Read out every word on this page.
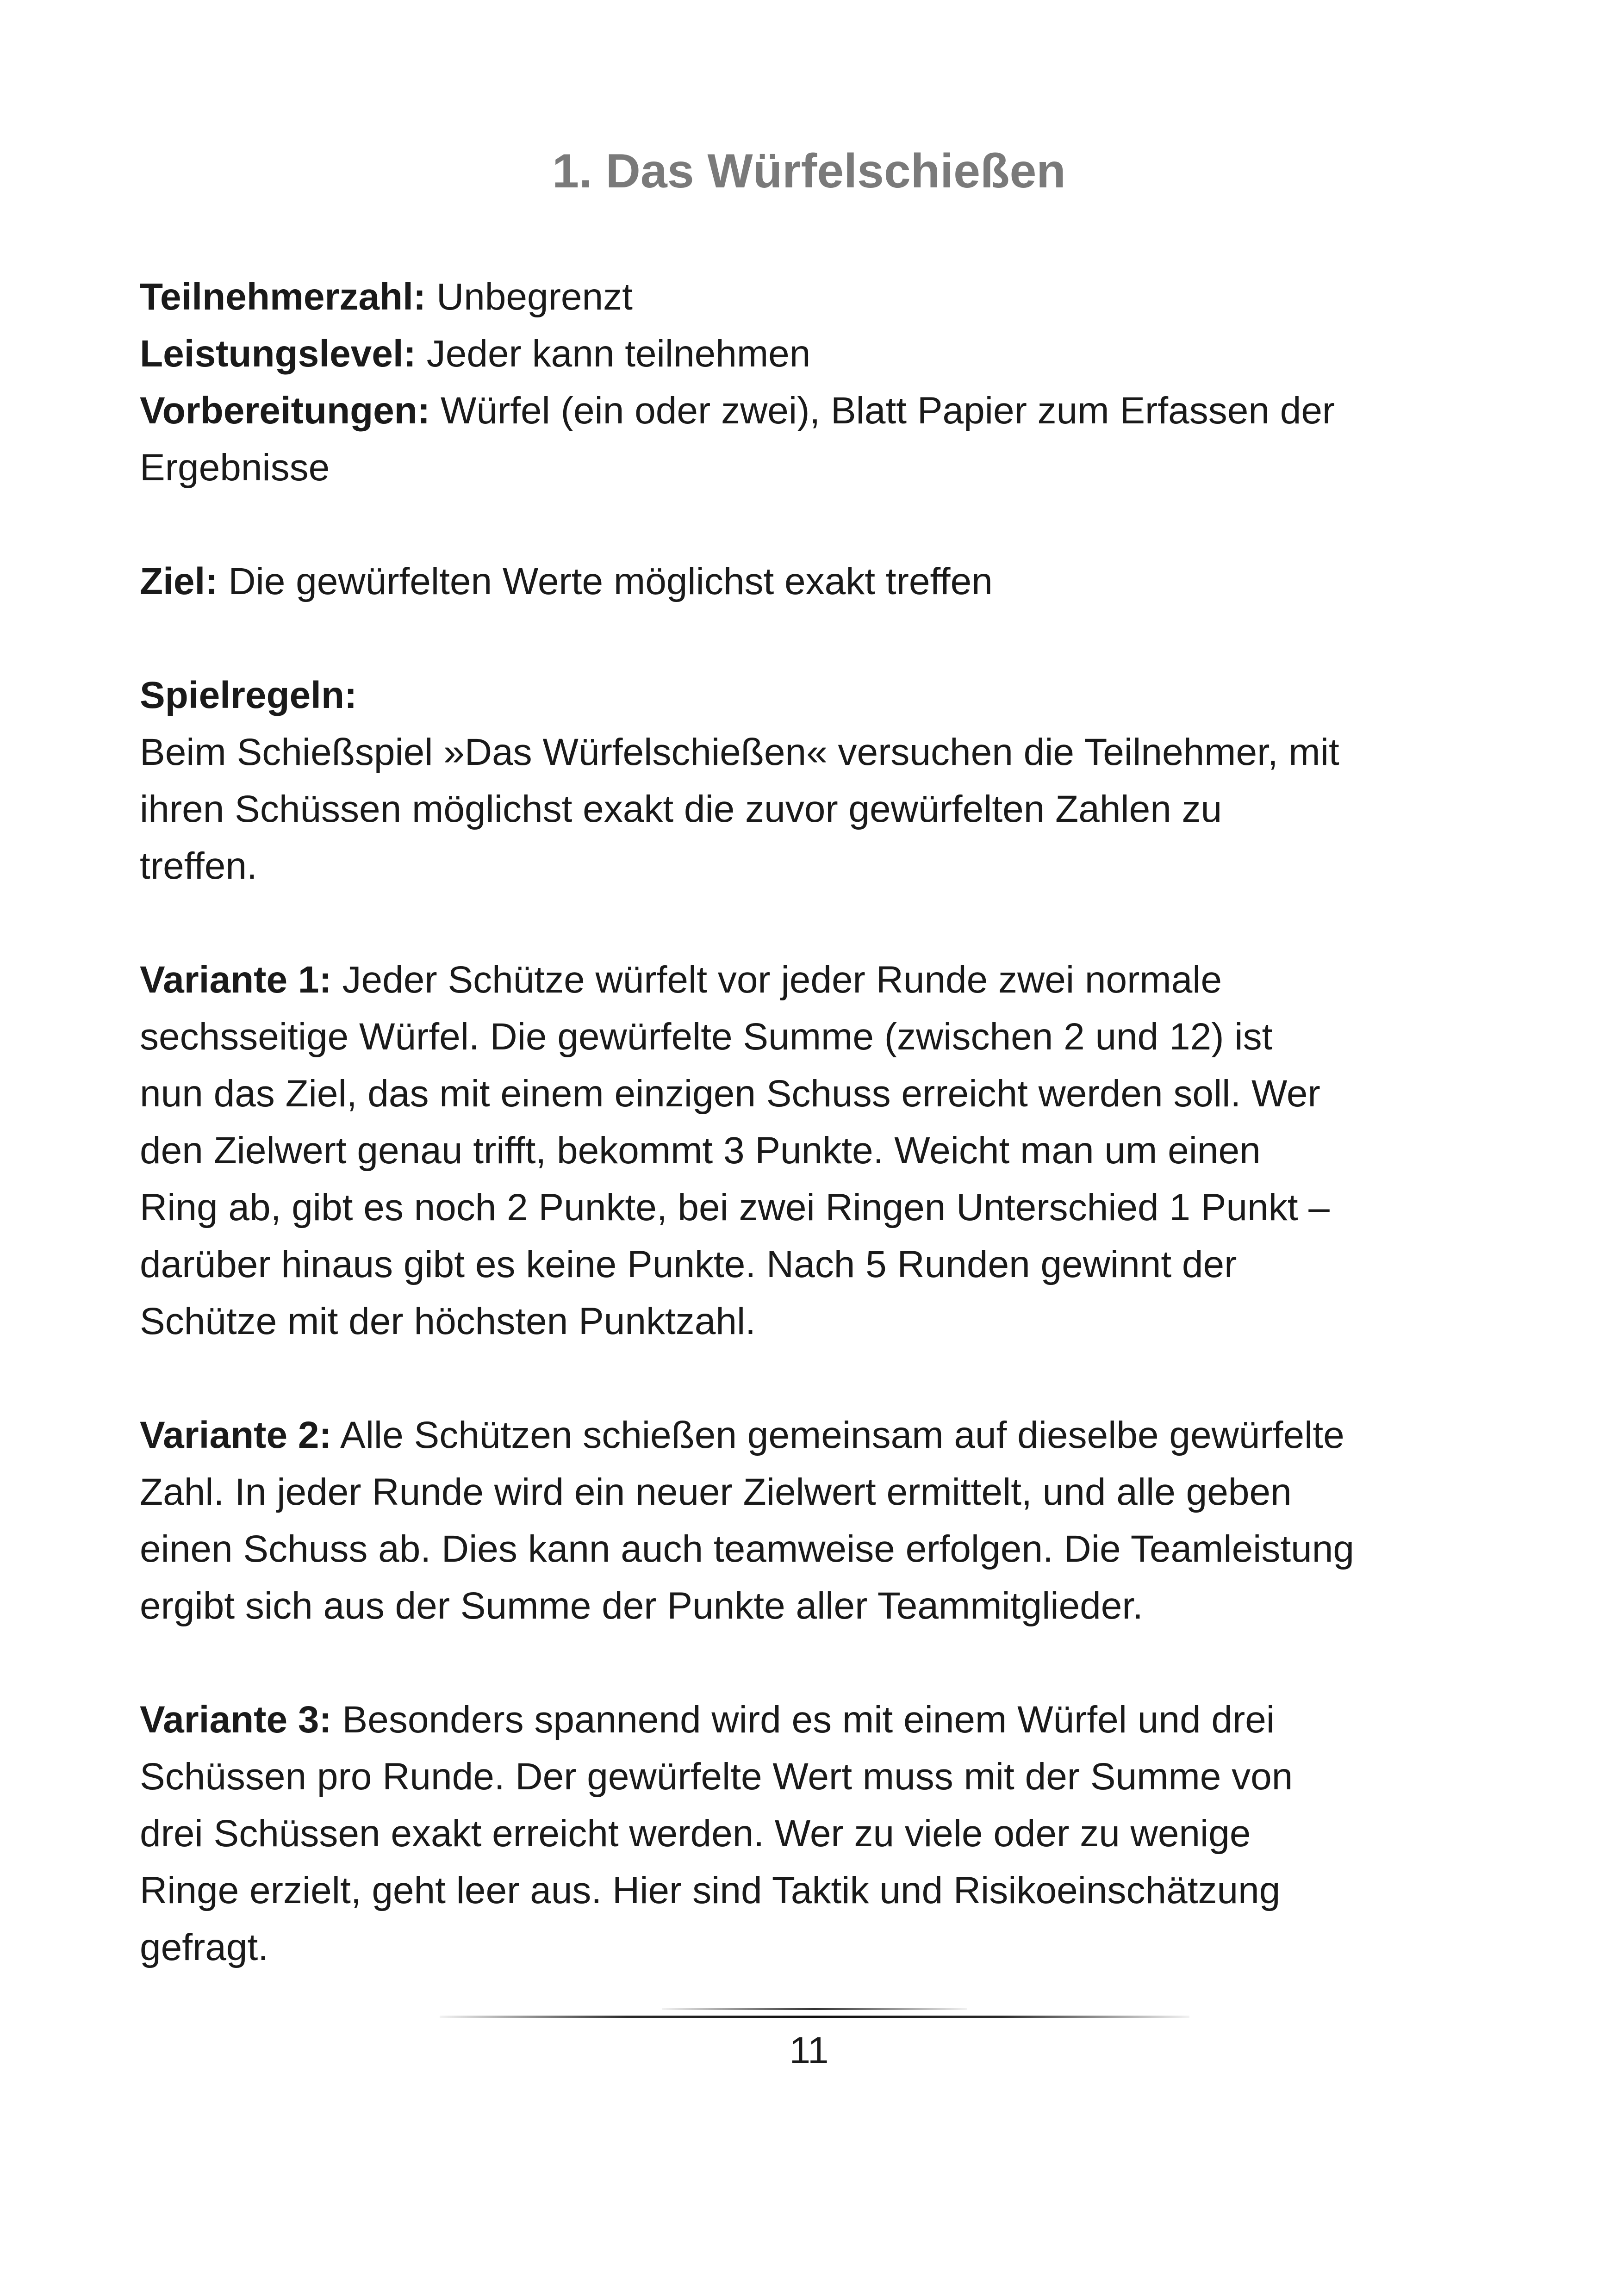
1. Das Würfelschießen

Teilnehmerzahl: Unbegrenzt

Leistungslevel: Jeder kann teilnehmen

Vorbereitungen: Würfel (ein oder zwei), Blatt Papier zum Erfassen der

Ergebnisse

Ziel: Die gewürfelten Werte möglichst exakt treffen

Spielregeln:

Beim Schießspiel »Das Würfelschießen« versuchen die Teilnehmer, mit

ihren Schüssen möglichst exakt die zuvor gewürfelten Zahlen zu

treffen.

Variante 1: Jeder Schütze würfelt vor jeder Runde zwei normale

sechsseitige Würfel. Die gewürfelte Summe (zwischen 2 und 12) ist

nun das Ziel, das mit einem einzigen Schuss erreicht werden soll. Wer

den Zielwert genau trifft, bekommt 3 Punkte. Weicht man um einen

Ring ab, gibt es noch 2 Punkte, bei zwei Ringen Unterschied 1 Punkt –

darüber hinaus gibt es keine Punkte. Nach 5 Runden gewinnt der

Schütze mit der höchsten Punktzahl.

Variante 2: Alle Schützen schießen gemeinsam auf dieselbe gewürfelte

Zahl. In jeder Runde wird ein neuer Zielwert ermittelt, und alle geben

einen Schuss ab. Dies kann auch teamweise erfolgen. Die Teamleistung

ergibt sich aus der Summe der Punkte aller Teammitglieder.

Variante 3: Besonders spannend wird es mit einem Würfel und drei

Schüssen pro Runde. Der gewürfelte Wert muss mit der Summe von

drei Schüssen exakt erreicht werden. Wer zu viele oder zu wenige

Ringe erzielt, geht leer aus. Hier sind Taktik und Risikoeinschätzung

gefragt.

11
